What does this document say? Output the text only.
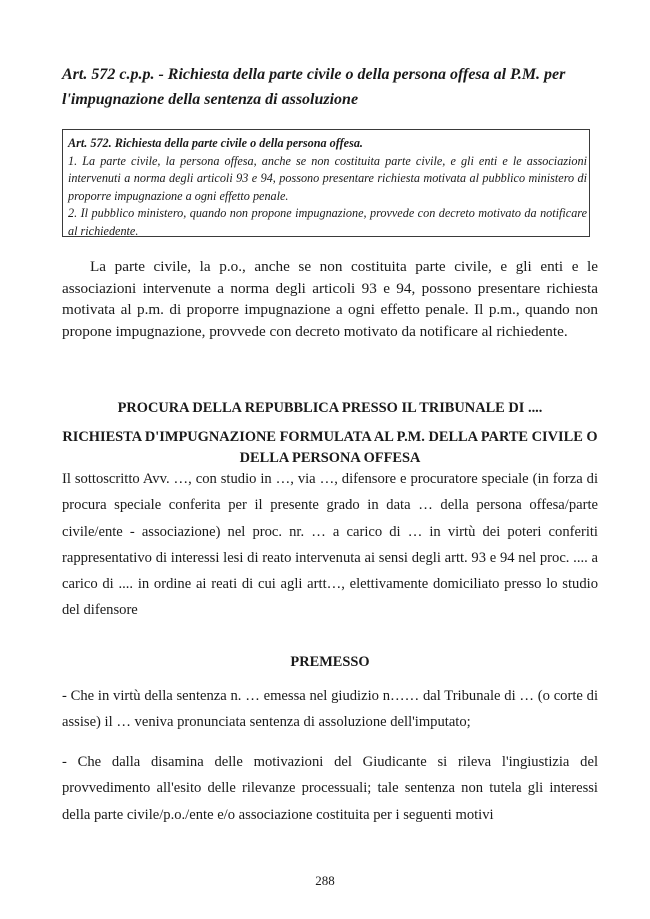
Art. 572 c.p.p. - Richiesta della parte civile o della persona offesa al P.M. per l'impugnazione della sentenza di assoluzione
Art. 572. Richiesta della parte civile o della persona offesa.
1. La parte civile, la persona offesa, anche se non costituita parte civile, e gli enti e le associazioni intervenuti a norma degli articoli 93 e 94, possono presentare richiesta motivata al pubblico ministero di proporre impugnazione a ogni effetto penale.
2. Il pubblico ministero, quando non propone impugnazione, provvede con decreto motivato da notificare al richiedente.

La parte civile, la p.o., anche se non costituita parte civile, e gli enti e le associazioni intervenute a norma degli articoli 93 e 94, possono presentare richiesta motivata al p.m. di proporre impugnazione a ogni effetto penale. Il p.m., quando non propone impugnazione, provvede con decreto motivato da notificare al richiedente.

PROCURA DELLA REPUBBLICA PRESSO IL TRIBUNALE DI ....
RICHIESTA D'IMPUGNAZIONE FORMULATA AL P.M. DELLA PARTE CIVILE O DELLA PERSONA OFFESA

Il sottoscritto Avv. …, con studio in …, via …, difensore e procuratore speciale (in forza di procura speciale conferita per il presente grado in data … della persona offesa/parte civile/ente - associazione) nel proc. nr. … a carico di … in virtù dei poteri conferiti rappresentativo di interessi lesi di reato intervenuta ai sensi degli artt. 93 e 94 nel proc. .... a carico di .... in ordine ai reati di cui agli artt…, elettivamente domiciliato presso lo studio del difensore

PREMESSO

- Che in virtù della sentenza n. … emessa nel giudizio n…… dal Tribunale di … (o corte di assise) il … veniva pronunciata sentenza di assoluzione dell'imputato;

- Che dalla disamina delle motivazioni del Giudicante si rileva l'ingiustizia del provvedimento all'esito delle rilevanze processuali; tale sentenza non tutela gli interessi della parte civile/p.o./ente e/o associazione costituita per i seguenti motivi

288
